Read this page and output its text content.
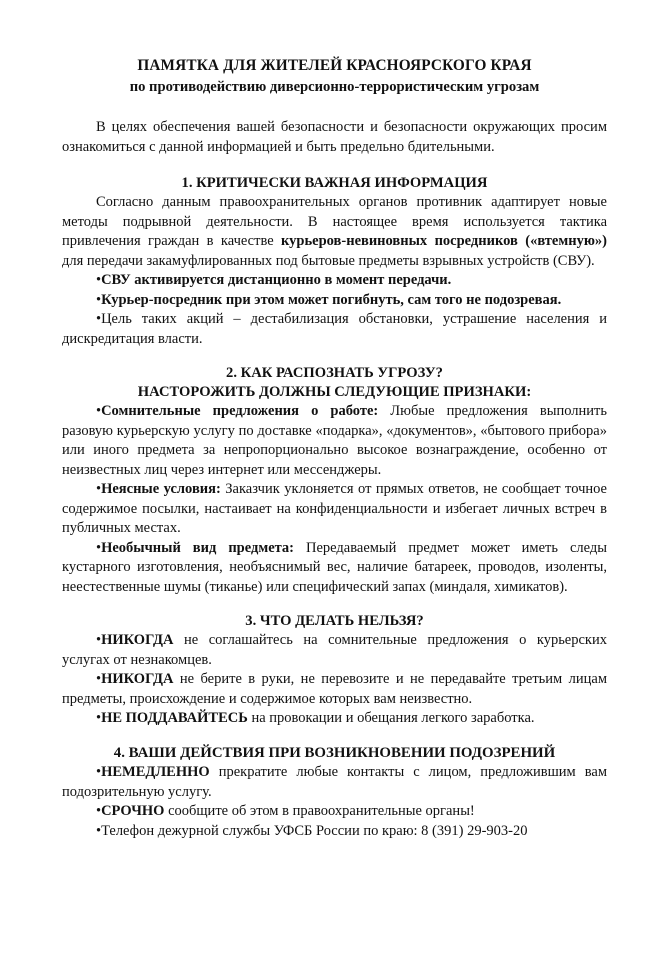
ПАМЯТКА ДЛЯ ЖИТЕЛЕЙ КРАСНОЯРСКОГО КРАЯ
по противодействию диверсионно-террористическим угрозам

В целях обеспечения вашей безопасности и безопасности окружающих просим ознакомиться с данной информацией и быть предельно бдительными.

1. КРИТИЧЕСКИ ВАЖНАЯ ИНФОРМАЦИЯ

Согласно данным правоохранительных органов противник адаптирует новые методы подрывной деятельности. В настоящее время используется тактика привлечения граждан в качестве курьеров-невиновных посредников («втемную») для передачи закамуфлированных под бытовые предметы взрывных устройств (СВУ).

•СВУ активируется дистанционно в момент передачи.

•Курьер-посредник при этом может погибнуть, сам того не подозревая.

•Цель таких акций – дестабилизация обстановки, устрашение населения и дискредитация власти.

2. КАК РАСПОЗНАТЬ УГРОЗУ?
НАСТОРОЖИТЬ ДОЛЖНЫ СЛЕДУЮЩИЕ ПРИЗНАКИ:

•Сомнительные предложения о работе: Любые предложения выполнить разовую курьерскую услугу по доставке «подарка», «документов», «бытового прибора» или иного предмета за непропорционально высокое вознаграждение, особенно от неизвестных лиц через интернет или мессенджеры.

•Неясные условия: Заказчик уклоняется от прямых ответов, не сообщает точное содержимое посылки, настаивает на конфиденциальности и избегает личных встреч в публичных местах.

•Необычный вид предмета: Передаваемый предмет может иметь следы кустарного изготовления, необъяснимый вес, наличие батареек, проводов, изоленты, неестественные шумы (тиканье) или специфический запах (миндаля, химикатов).

3. ЧТО ДЕЛАТЬ НЕЛЬЗЯ?

•НИКОГДА не соглашайтесь на сомнительные предложения о курьерских услугах от незнакомцев.

•НИКОГДА не берите в руки, не перевозите и не передавайте третьим лицам предметы, происхождение и содержимое которых вам неизвестно.

•НЕ ПОДДАВАЙТЕСЬ на провокации и обещания легкого заработка.

4. ВАШИ ДЕЙСТВИЯ ПРИ ВОЗНИКНОВЕНИИ ПОДОЗРЕНИЙ

•НЕМЕДЛЕННО прекратите любые контакты с лицом, предложившим вам подозрительную услугу.

•СРОЧНО сообщите об этом в правоохранительные органы!

•Телефон дежурной службы УФСБ России по краю: 8 (391) 29-903-20
